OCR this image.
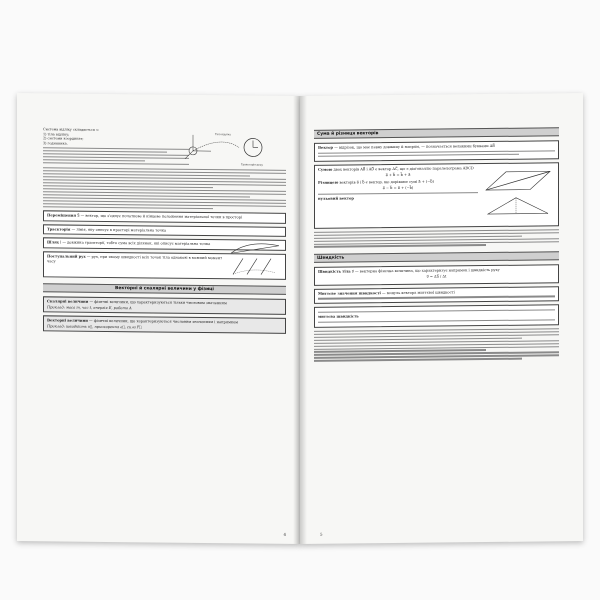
Система відліку складається з:
1) тіла відліку;
2) системи координат;
3) годинника.
Тіло відліку
Траєкторія руху
Переміщення S⃗ — вектор, що з'єднує початкове й кінцеве положення матеріальної точки в просторі
Траєкторія — лінія, яку описує в просторі матеріальна точка
Шлях l — довжина траєкторії, тобто сума всіх ділянок, які описує матеріальна точка
Поступальний рух — рух, при якому швидкості всіх точок тіла однакові в кожний момент часу
Векторні й скалярні величини у фізиці
Скалярні величини — фізичні величини, що характеризуються тільки числовим значенням
Приклад: маса m, час t, енергія E, робота A
Векторні величини — фізичні величини, що характеризуються числовим значенням і напрямком
Приклад: швидкість υ⃗, прискорення a⃗, сила F⃗
4
Сума й різниця векторів
Вектор — відрізок, що має певну довжину й напрям, — позначається великими буквами AB⃗
Сумою двох векторів AB⃗ і AD⃗ є вектор AC⃗, що є діагоналлю паралелограма ABCD
a⃗ + b⃗ = b⃗ + a⃗
Різницею векторів a⃗ і b⃗ є вектор, що дорівнює сумі a⃗ + (−b⃗)
a⃗ − b⃗ = a⃗ + (−b⃗)
нульовий вектор
Швидкість
Швидкість тіла υ⃗ — векторна фізична величина, що характеризує напрямок і швидкість руху
υ⃗ = ΔS⃗ / Δt
Миттєве значення швидкості — модуль вектора миттєвої швидкості
миттєва швидкість
5
